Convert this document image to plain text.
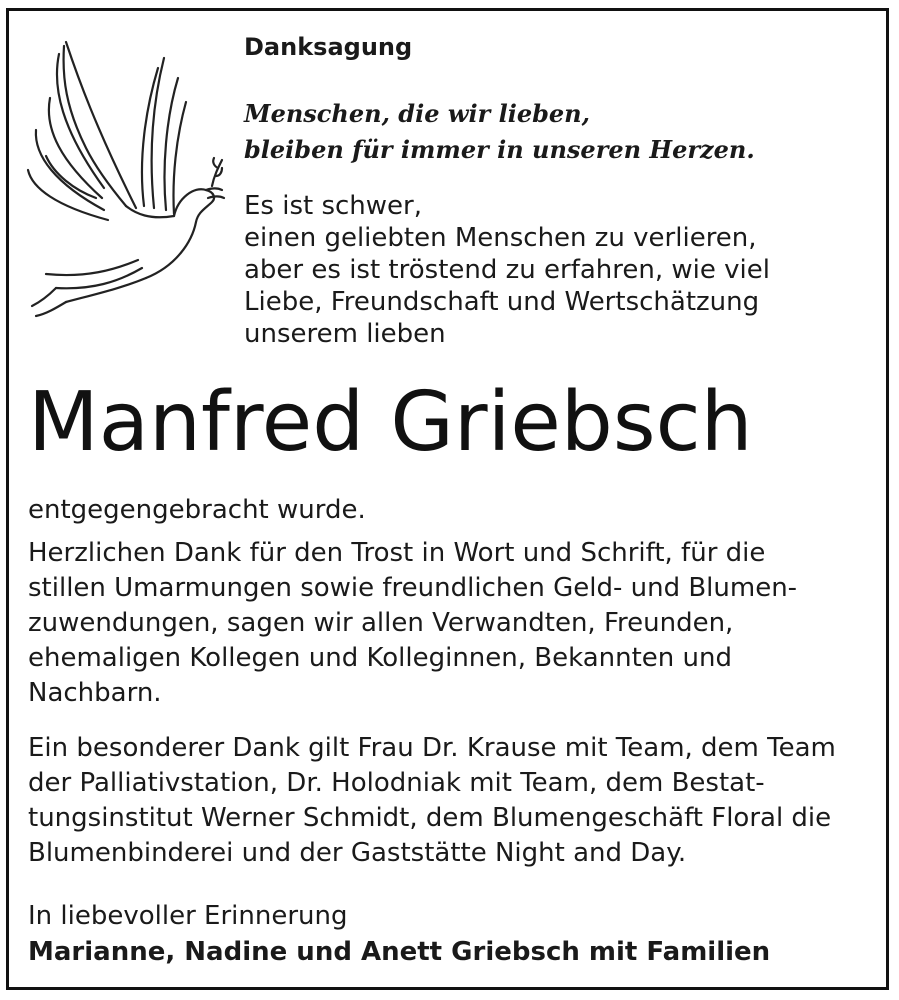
Danksagung
Menschen, die wir lieben,
bleiben für immer in unseren Herzen.
Es ist schwer,
einen geliebten Menschen zu verlieren,
aber es ist tröstend zu erfahren, wie viel
Liebe, Freundschaft und Wertschätzung
unserem lieben
Manfred Griebsch
entgegengebracht wurde.
Herzlichen Dank für den Trost in Wort und Schrift, für die
stillen Umarmungen sowie freundlichen Geld- und Blumen-
zuwendungen, sagen wir allen Verwandten, Freunden,
ehemaligen Kollegen und Kolleginnen, Bekannten und
Nachbarn.
Ein besonderer Dank gilt Frau Dr. Krause mit Team, dem Team
der Palliativstation, Dr. Holodniak mit Team, dem Bestat-
tungsinstitut Werner Schmidt, dem Blumengeschäft Floral die
Blumenbinderei und der Gaststätte Night and Day.
In liebevoller Erinnerung
Marianne, Nadine und Anett Griebsch mit Familien
